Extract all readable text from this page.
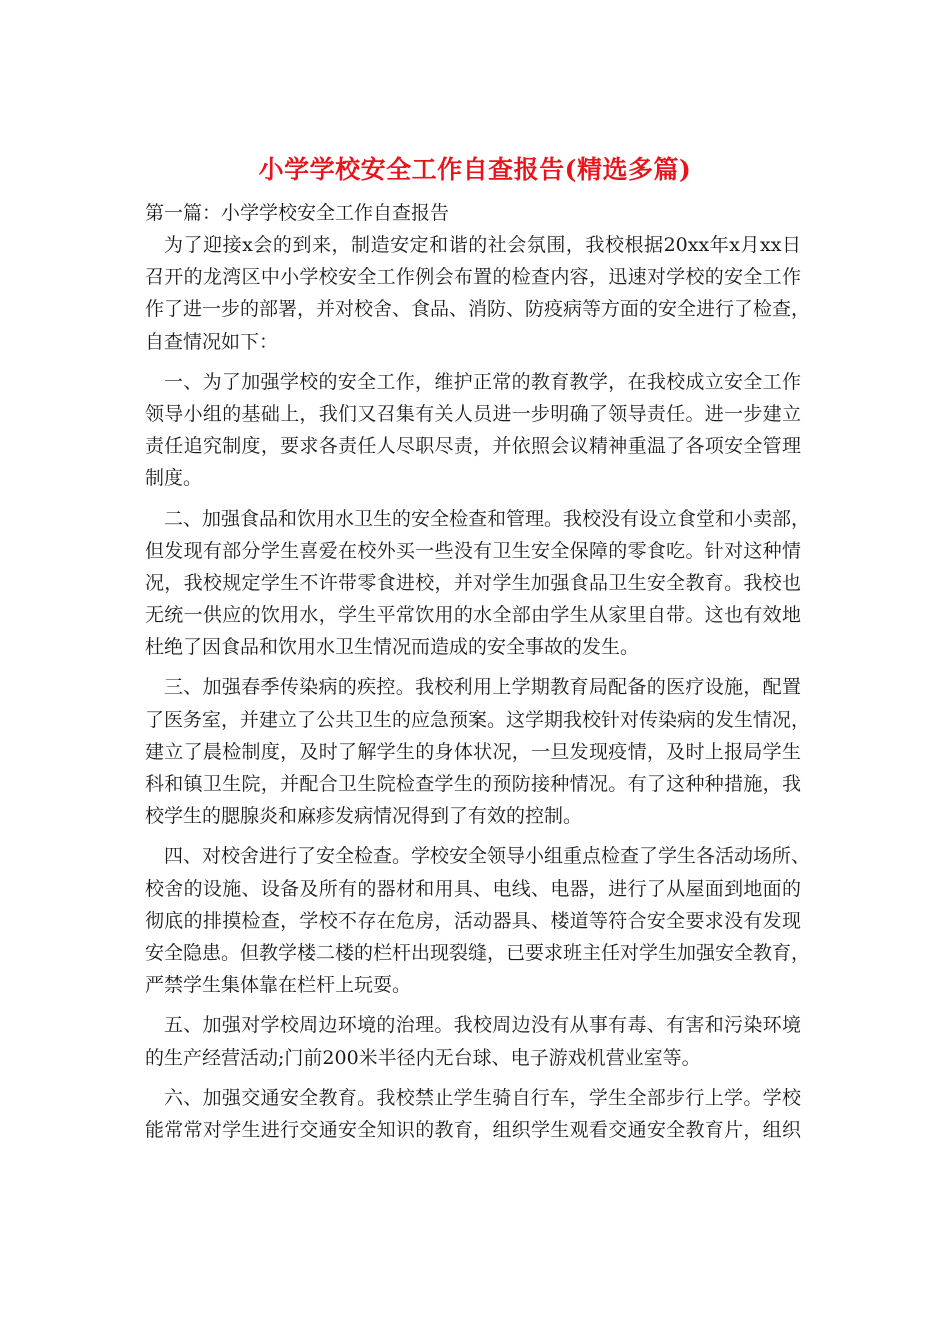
小学学校安全工作自查报告(精选多篇)
第一篇：小学学校安全工作自查报告
为了迎接x会的到来，制造安定和谐的社会氛围，我校根据20xx年x月xx日
召开的龙湾区中小学校安全工作例会布置的检查内容，迅速对学校的安全工作
作了进一步的部署，并对校舍、食品、消防、防疫病等方面的安全进行了检查，
自查情况如下：
一、为了加强学校的安全工作，维护正常的教育教学，在我校成立安全工作
领导小组的基础上，我们又召集有关人员进一步明确了领导责任。进一步建立
责任追究制度，要求各责任人尽职尽责，并依照会议精神重温了各项安全管理
制度。
二、加强食品和饮用水卫生的安全检查和管理。我校没有设立食堂和小卖部，
但发现有部分学生喜爱在校外买一些没有卫生安全保障的零食吃。针对这种情
况，我校规定学生不许带零食进校，并对学生加强食品卫生安全教育。我校也
无统一供应的饮用水，学生平常饮用的水全部由学生从家里自带。这也有效地
杜绝了因食品和饮用水卫生情况而造成的安全事故的发生。
三、加强春季传染病的疾控。我校利用上学期教育局配备的医疗设施，配置
了医务室，并建立了公共卫生的应急预案。这学期我校针对传染病的发生情况，
建立了晨检制度，及时了解学生的身体状况，一旦发现疫情，及时上报局学生
科和镇卫生院，并配合卫生院检查学生的预防接种情况。有了这种种措施，我
校学生的腮腺炎和麻疹发病情况得到了有效的控制。
四、对校舍进行了安全检查。学校安全领导小组重点检查了学生各活动场所、
校舍的设施、设备及所有的器材和用具、电线、电器，进行了从屋面到地面的
彻底的排摸检查，学校不存在危房，活动器具、楼道等符合安全要求没有发现
安全隐患。但教学楼二楼的栏杆出现裂缝，已要求班主任对学生加强安全教育，
严禁学生集体靠在栏杆上玩耍。
五、加强对学校周边环境的治理。我校周边没有从事有毒、有害和污染环境
的生产经营活动;门前200米半径内无台球、电子游戏机营业室等。
六、加强交通安全教育。我校禁止学生骑自行车，学生全部步行上学。学校
能常常对学生进行交通安全知识的教育，组织学生观看交通安全教育片，组织
